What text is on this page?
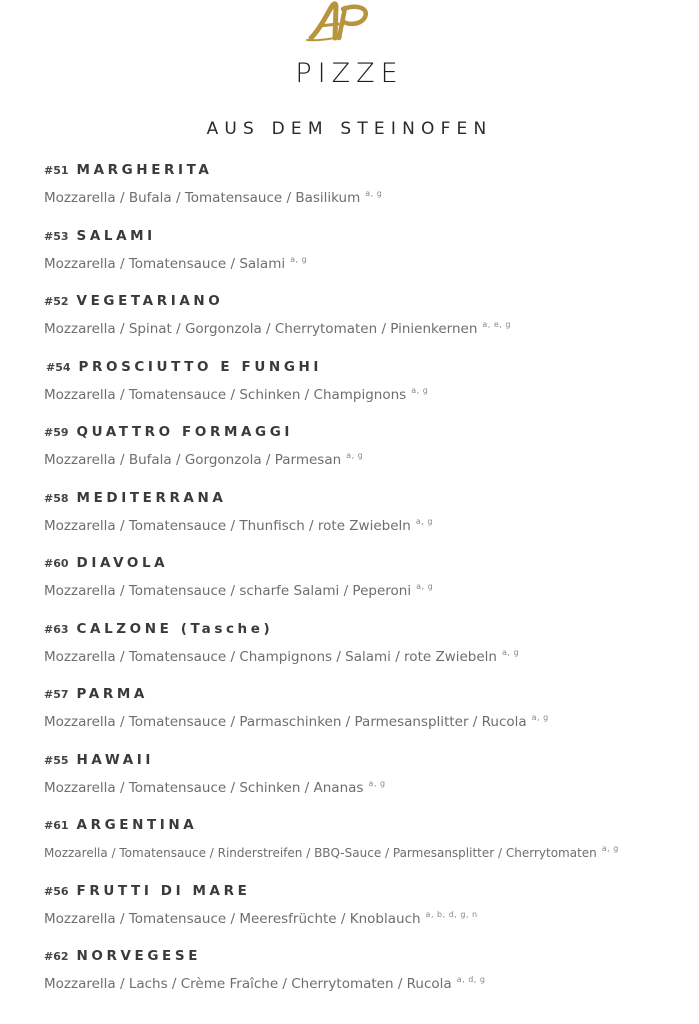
PIZZE
AUS DEM STEINOFEN
#51 MARGHERITA
Mozzarella / Bufala / Tomatensauce / Basilikum $^{a, g}$
#53 SALAMI
Mozzarella / Tomatensauce / Salami $^{a, g}$
#52 VEGETARIANO
Mozzarella / Spinat / Gorgonzola / Cherrytomaten / Pinienkernen $^{a, e, g}$
#54 PROSCIUTTO E FUNGHI
Mozzarella / Tomatensauce / Schinken / Champignons $^{a, g}$
#59 QUATTRO FORMAGGI
Mozzarella / Bufala / Gorgonzola / Parmesan $^{a, g}$
#58 MEDITERRANA
Mozzarella / Tomatensauce / Thunfisch / rote Zwiebeln $^{a, g}$
#60 DIAVOLA
Mozzarella / Tomatensauce / scharfe Salami / Peperoni $^{a, g}$
#63 CALZONE (Tasche)
Mozzarella / Tomatensauce / Champignons / Salami / rote Zwiebeln $^{a, g}$
#57 PARMA
Mozzarella / Tomatensauce / Parmaschinken / Parmesansplitter / Rucola $^{a, g}$
#55 HAWAII
Mozzarella / Tomatensauce / Schinken / Ananas $^{a, g}$
#61 ARGENTINA
Mozzarella / Tomatensauce / Rinderstreifen / BBQ-Sauce / Parmesansplitter / Cherrytomaten $^{a, g}$
#56 FRUTTI DI MARE
Mozzarella / Tomatensauce / Meeresfrüchte / Knoblauch $^{a, b, d, g, n}$
#62 NORVEGESE
Mozzarella / Lachs / Crème Fraîche / Cherrytomaten / Rucola $^{a, d, g}$
